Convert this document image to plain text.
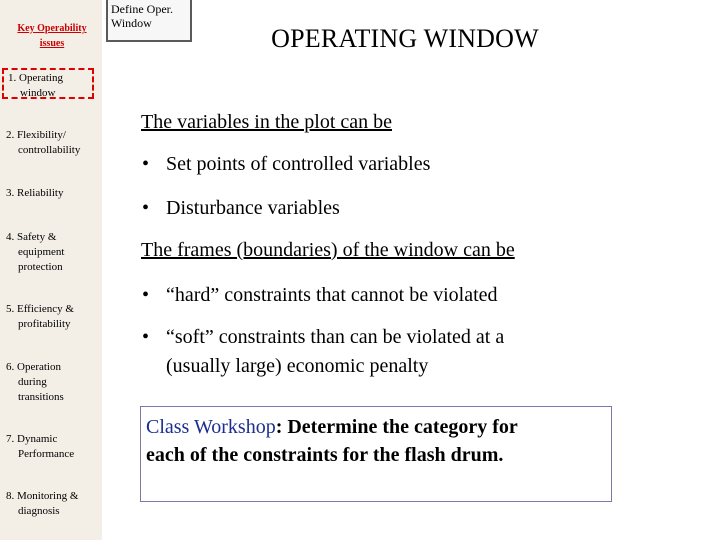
Key Operability issues
1. Operating
window
2. Flexibility/
controllability
3. Reliability
4. Safety &
equipment
protection
5. Efficiency &
profitability
6. Operation
during
transitions
7. Dynamic
Performance
8. Monitoring &
diagnosis
Define Oper.
Window
OPERATING WINDOW
The variables in the plot can be
• Set points of controlled variables
• Disturbance variables
The frames (boundaries) of the window can be
• “hard” constraints that cannot be violated
• “soft” constraints than can be violated at a
(usually large) economic penalty
Class Workshop: Determine the category for
each of the constraints for the flash drum.
